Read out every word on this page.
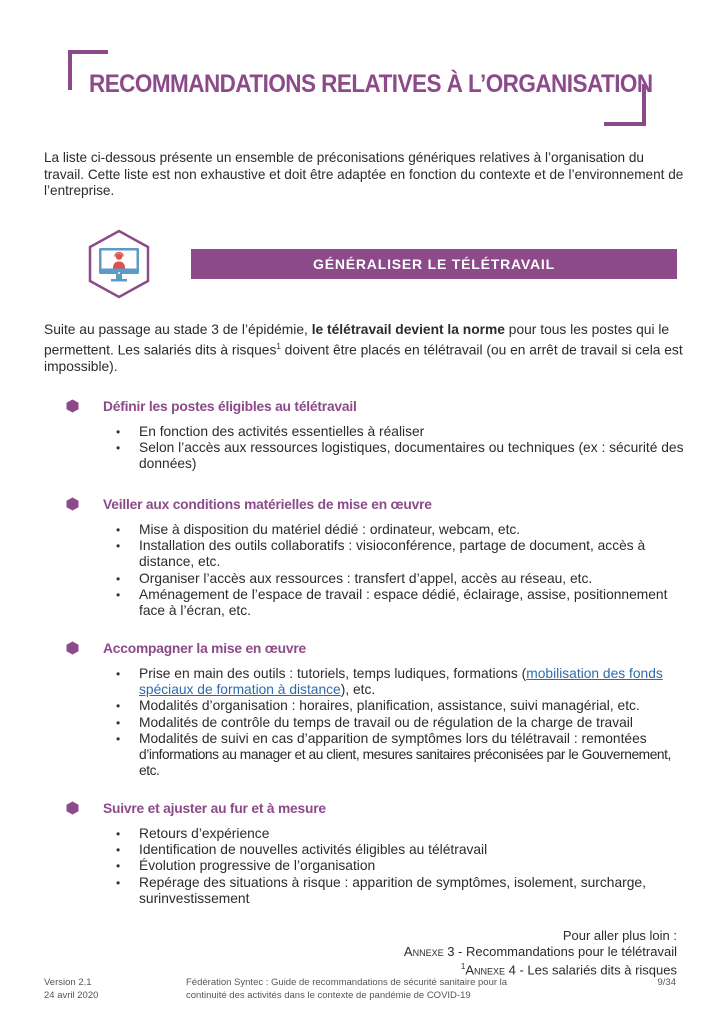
RECOMMANDATIONS RELATIVES À L’ORGANISATION

La liste ci-dessous présente un ensemble de préconisations génériques relatives à l’organisation du travail. Cette liste est non exhaustive et doit être adaptée en fonction du contexte et de l’environnement de l’entreprise.

GÉNÉRALISER LE TÉLÉTRAVAIL

Suite au passage au stade 3 de l’épidémie, le télétravail devient la norme pour tous les postes qui le permettent. Les salariés dits à risques$^1$ doivent être placés en télétravail (ou en arrêt de travail si cela est impossible).

Définir les postes éligibles au télétravail
• En fonction des activités essentielles à réaliser
• Selon l’accès aux ressources logistiques, documentaires ou techniques (ex : sécurité des données)
Veiller aux conditions matérielles de mise en œuvre
• Mise à disposition du matériel dédié : ordinateur, webcam, etc.
• Installation des outils collaboratifs : visioconférence, partage de document, accès à distance, etc.
• Organiser l’accès aux ressources : transfert d’appel, accès au réseau, etc.
• Aménagement de l’espace de travail : espace dédié, éclairage, assise, positionnement face à l’écran, etc.
Accompagner la mise en œuvre
• Prise en main des outils : tutoriels, temps ludiques, formations (mobilisation des fonds spéciaux de formation à distance), etc.
• Modalités d’organisation : horaires, planification, assistance, suivi managérial, etc.
• Modalités de contrôle du temps de travail ou de régulation de la charge de travail
• Modalités de suivi en cas d’apparition de symptômes lors du télétravail : remontées d’informations au manager et au client, mesures sanitaires préconisées par le Gouvernement, etc.
Suivre et ajuster au fur et à mesure
• Retours d’expérience
• Identification de nouvelles activités éligibles au télétravail
• Évolution progressive de l’organisation
• Repérage des situations à risque : apparition de symptômes, isolement, surcharge, surinvestissement
Pour aller plus loin :
Annexe 3 - Recommandations pour le télétravail
$^1$Annexe 4 - Les salariés dits à risques
Version 2.1
24 avril 2020
Fédération Syntec : Guide de recommandations de sécurité sanitaire pour la
continuité des activités dans le contexte de pandémie de COVID-19
9/34
